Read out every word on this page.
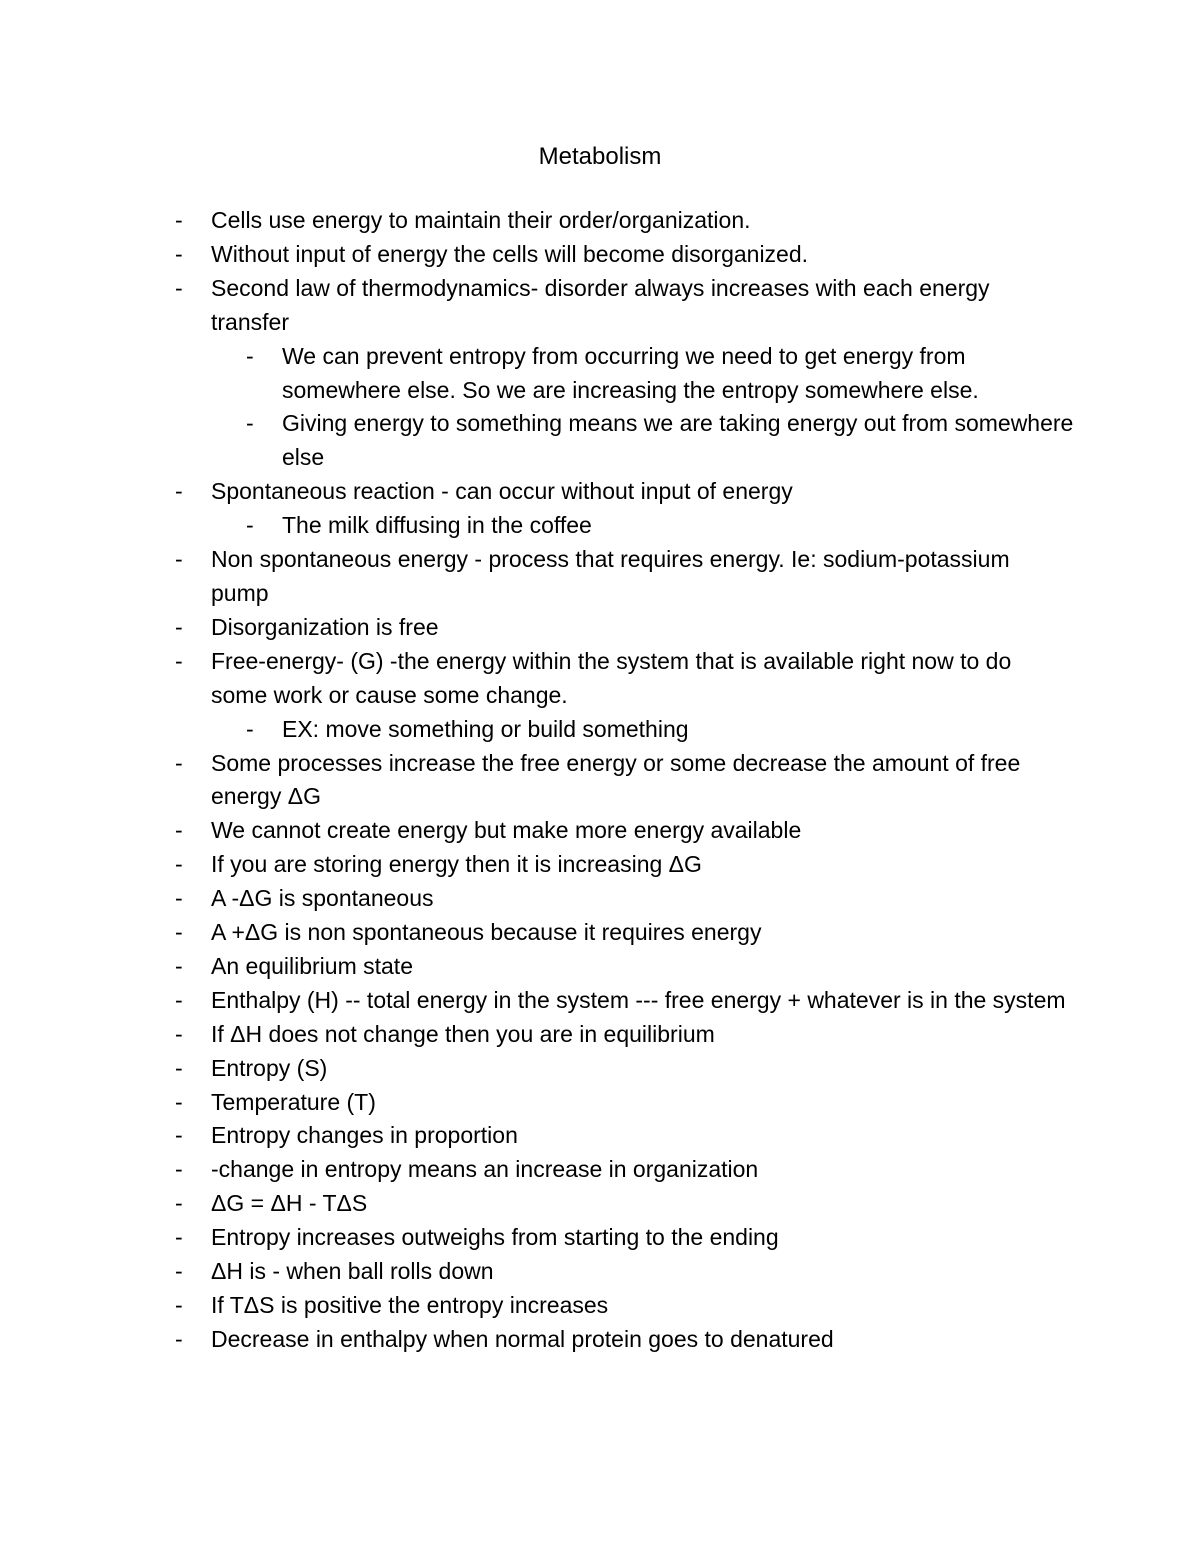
Metabolism
- Cells use energy to maintain their order/organization.
- Without input of energy the cells will become disorganized.
- Second law of thermodynamics- disorder always increases with each energy transfer
- We can prevent entropy from occurring we need to get energy from somewhere else. So we are increasing the entropy somewhere else.
- Giving energy to something means we are taking energy out from somewhere else
- Spontaneous reaction - can occur without input of energy
- The milk diffusing in the coffee
- Non spontaneous energy - process that requires energy. Ie: sodium-potassium pump
- Disorganization is free
- Free-energy- (G) -the energy within the system that is available right now to do some work or cause some change.
- EX: move something or build something
- Some processes increase the free energy or some decrease the amount of free energy ΔG
- We cannot create energy but make more energy available
- If you are storing energy then it is increasing ΔG
- A -ΔG is spontaneous
- A +ΔG is non spontaneous because it requires energy
- An equilibrium state
- Enthalpy (H) -- total energy in the system --- free energy + whatever is in the system
- If ΔH does not change then you are in equilibrium
- Entropy (S)
- Temperature (T)
- Entropy changes in proportion
- -change in entropy means an increase in organization
- ΔG = ΔH - TΔS
- Entropy increases outweighs from starting to the ending
- ΔH is - when ball rolls down
- If TΔS is positive the entropy increases
- Decrease in enthalpy when normal protein goes to denatured
